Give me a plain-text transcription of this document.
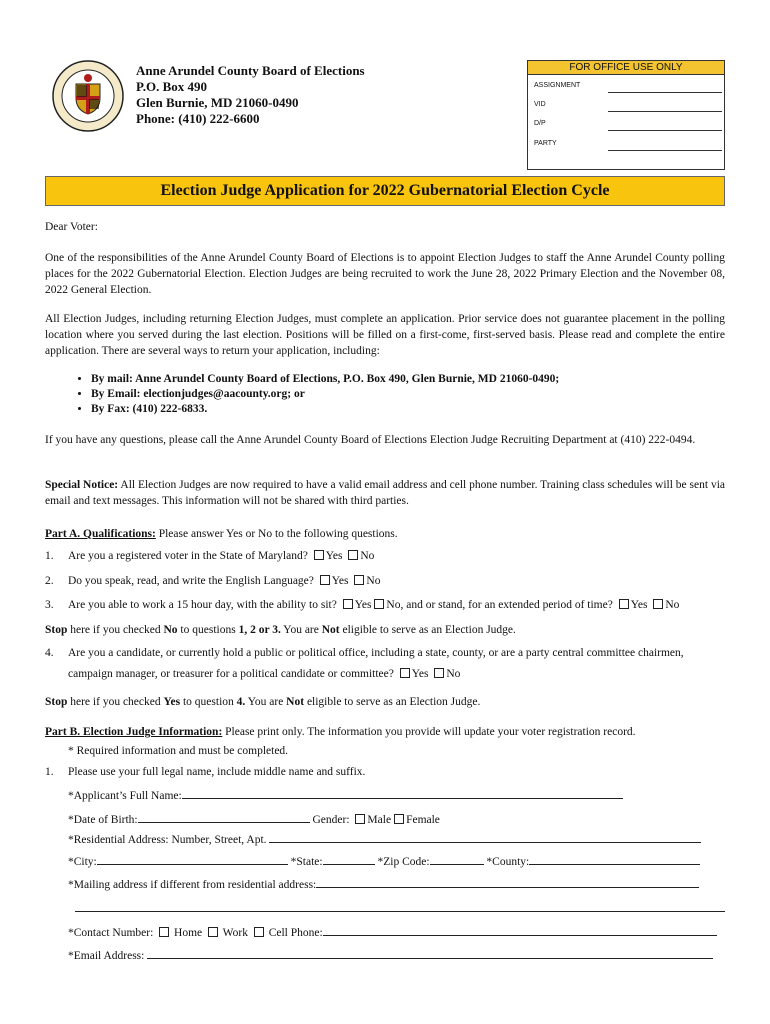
Anne Arundel County Board of Elections
P.O. Box 490
Glen Burnie, MD 21060-0490
Phone: (410) 222-6600
FOR OFFICE USE ONLY
ASSIGNMENT
VID
D/P
PARTY
Election Judge Application for 2022 Gubernatorial Election Cycle
Dear Voter:
One of the responsibilities of the Anne Arundel County Board of Elections is to appoint Election Judges to staff the Anne Arundel County polling places for the 2022 Gubernatorial Election. Election Judges are being recruited to work the June 28, 2022 Primary Election and the November 08, 2022 General Election.
All Election Judges, including returning Election Judges, must complete an application. Prior service does not guarantee placement in the polling location where you served during the last election. Positions will be filled on a first-come, first-served basis. Please read and complete the entire application. There are several ways to return your application, including:
• By mail: Anne Arundel County Board of Elections, P.O. Box 490, Glen Burnie, MD 21060-0490;
• By Email: electionjudges@aacounty.org; or
• By Fax: (410) 222-6833.
If you have any questions, please call the Anne Arundel County Board of Elections Election Judge Recruiting Department at (410) 222-0494.
Special Notice: All Election Judges are now required to have a valid email address and cell phone number. Training class schedules will be sent via email and text messages. This information will not be shared with third parties.
Part A. Qualifications: Please answer Yes or No to the following questions.
1. Are you a registered voter in the State of Maryland? Yes No
2. Do you speak, read, and write the English Language? Yes No
3. Are you able to work a 15 hour day, with the ability to sit? Yes No, and or stand, for an extended period of time? Yes No
Stop here if you checked No to questions 1, 2 or 3. You are Not eligible to serve as an Election Judge.
4. Are you a candidate, or currently hold a public or political office, including a state, county, or are a party central committee chairmen,
campaign manager, or treasurer for a political candidate or committee? Yes No
Stop here if you checked Yes to question 4. You are Not eligible to serve as an Election Judge.
Part B. Election Judge Information: Please print only. The information you provide will update your voter registration record.
* Required information and must be completed.
1. Please use your full legal name, include middle name and suffix.
*Applicant’s Full Name:
*Date of Birth:	Gender: Male Female
*Residential Address: Number, Street, Apt.
*City:	*State:	*Zip Code:	*County:
*Mailing address if different from residential address:
*Contact Number:  Home  Work  Cell Phone:
*Email Address:
